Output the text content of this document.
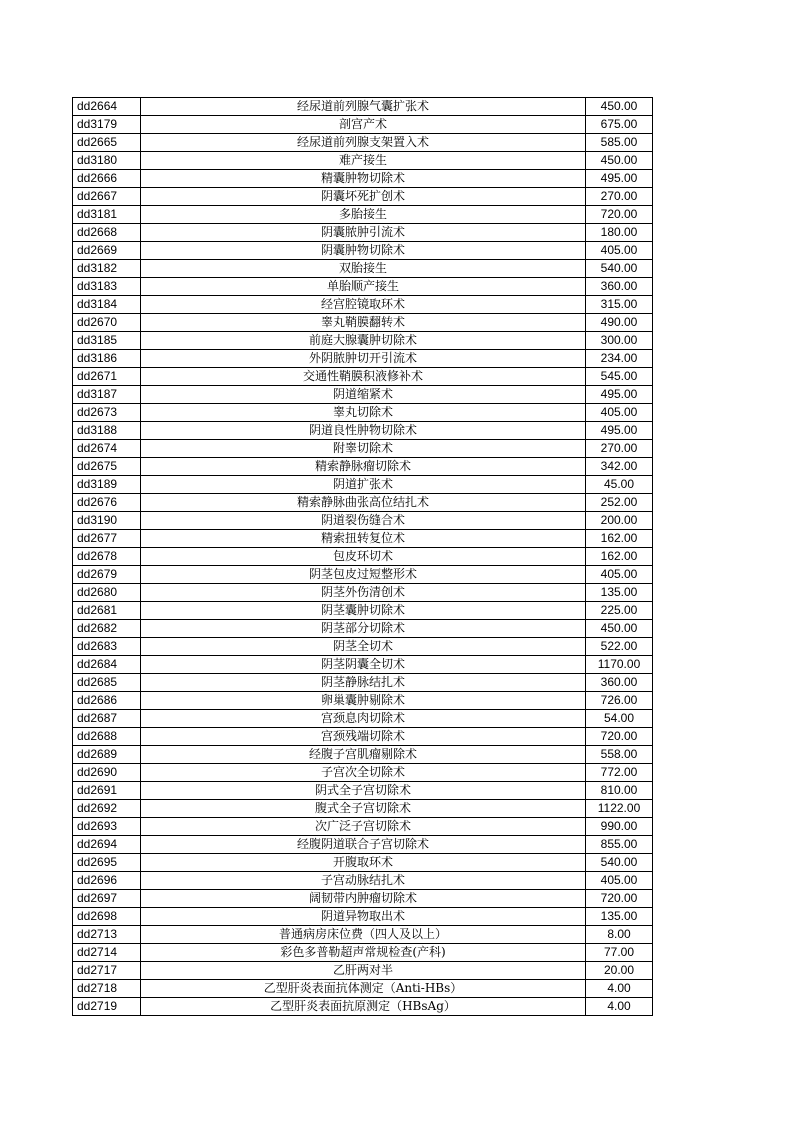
dd2664	经尿道前列腺气囊扩张术	450.00
dd3179	剖宫产术	675.00
dd2665	经尿道前列腺支架置入术	585.00
dd3180	难产接生	450.00
dd2666	精囊肿物切除术	495.00
dd2667	阴囊坏死扩创术	270.00
dd3181	多胎接生	720.00
dd2668	阴囊脓肿引流术	180.00
dd2669	阴囊肿物切除术	405.00
dd3182	双胎接生	540.00
dd3183	单胎顺产接生	360.00
dd3184	经宫腔镜取环术	315.00
dd2670	睾丸鞘膜翻转术	490.00
dd3185	前庭大腺囊肿切除术	300.00
dd3186	外阴脓肿切开引流术	234.00
dd2671	交通性鞘膜积液修补术	545.00
dd3187	阴道缩紧术	495.00
dd2673	睾丸切除术	405.00
dd3188	阴道良性肿物切除术	495.00
dd2674	附睾切除术	270.00
dd2675	精索静脉瘤切除术	342.00
dd3189	阴道扩张术	45.00
dd2676	精索静脉曲张高位结扎术	252.00
dd3190	阴道裂伤缝合术	200.00
dd2677	精索扭转复位术	162.00
dd2678	包皮环切术	162.00
dd2679	阴茎包皮过短整形术	405.00
dd2680	阴茎外伤清创术	135.00
dd2681	阴茎囊肿切除术	225.00
dd2682	阴茎部分切除术	450.00
dd2683	阴茎全切术	522.00
dd2684	阴茎阴囊全切术	1170.00
dd2685	阴茎静脉结扎术	360.00
dd2686	卵巢囊肿剔除术	726.00
dd2687	宫颈息肉切除术	54.00
dd2688	宫颈残端切除术	720.00
dd2689	经腹子宫肌瘤剔除术	558.00
dd2690	子宫次全切除术	772.00
dd2691	阴式全子宫切除术	810.00
dd2692	腹式全子宫切除术	1122.00
dd2693	次广泛子宫切除术	990.00
dd2694	经腹阴道联合子宫切除术	855.00
dd2695	开腹取环术	540.00
dd2696	子宫动脉结扎术	405.00
dd2697	阔韧带内肿瘤切除术	720.00
dd2698	阴道异物取出术	135.00
dd2713	普通病房床位费（四人及以上）	8.00
dd2714	彩色多普勒超声常规检查(产科)	77.00
dd2717	乙肝两对半	20.00
dd2718	乙型肝炎表面抗体测定（Anti-HBs）	4.00
dd2719	乙型肝炎表面抗原测定（HBsAg）	4.00
